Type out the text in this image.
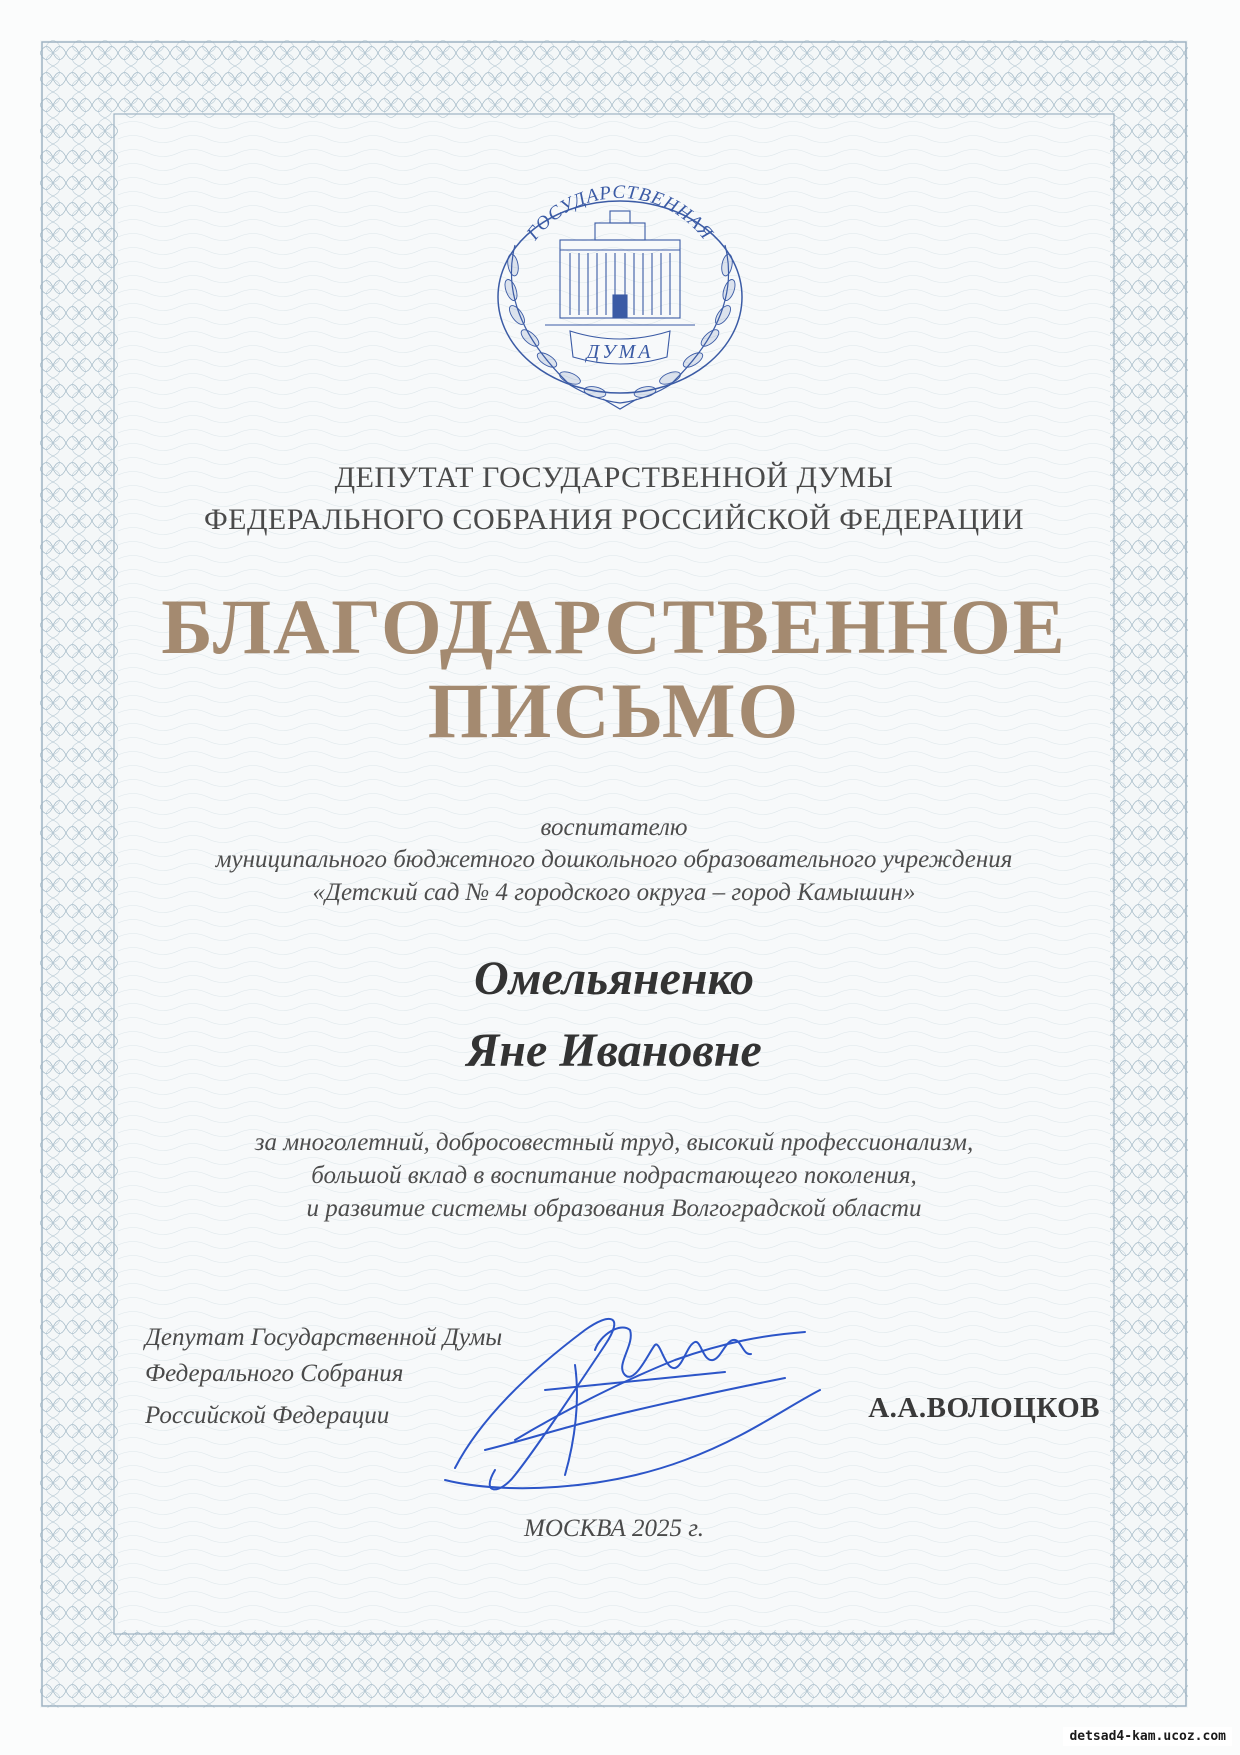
ГОСУДАРСТВЕННАЯ
ДУМА
ДЕПУТАТ ГОСУДАРСТВЕННОЙ ДУМЫ
ФЕДЕРАЛЬНОГО СОБРАНИЯ РОССИЙСКОЙ ФЕДЕРАЦИИ
БЛАГОДАРСТВЕННОЕ
ПИСЬМО
воспитателю
муниципального бюджетного дошкольного образовательного учреждения
«Детский сад № 4 городского округа – город Камышин»
Омельяненко
Яне Ивановне
за многолетний, добросовестный труд, высокий профессионализм,
большой вклад в воспитание подрастающего поколения,
и развитие системы образования Волгоградской области
Депутат Государственной Думы
Федерального Собрания
Российской Федерации	А.А.ВОЛОЦКОВ
МОСКВА 2025 г.
detsad4-kam.ucoz.com
